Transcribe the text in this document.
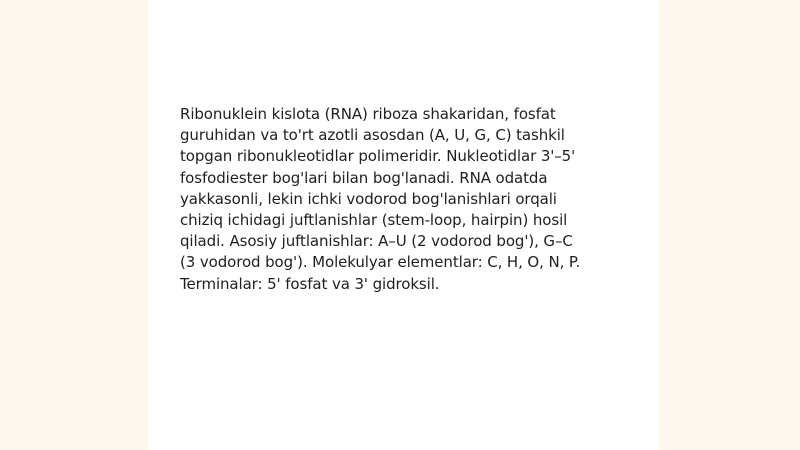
Ribonuklein kislota (RNA) riboza shakaridan, fosfat
guruhidan va to'rt azotli asosdan (A, U, G, C) tashkil
topgan ribonukleotidlar polimeridir. Nukleotidlar 3'–5'
fosfodiester bog'lari bilan bog'lanadi. RNA odatda
yakkasonli, lekin ichki vodorod bog'lanishlari orqali
chiziq ichidagi juftlanishlar (stem-loop, hairpin) hosil
qiladi. Asosiy juftlanishlar: A–U (2 vodorod bog'), G–C
(3 vodorod bog'). Molekulyar elementlar: C, H, O, N, P.
Terminalar: 5' fosfat va 3' gidroksil.
